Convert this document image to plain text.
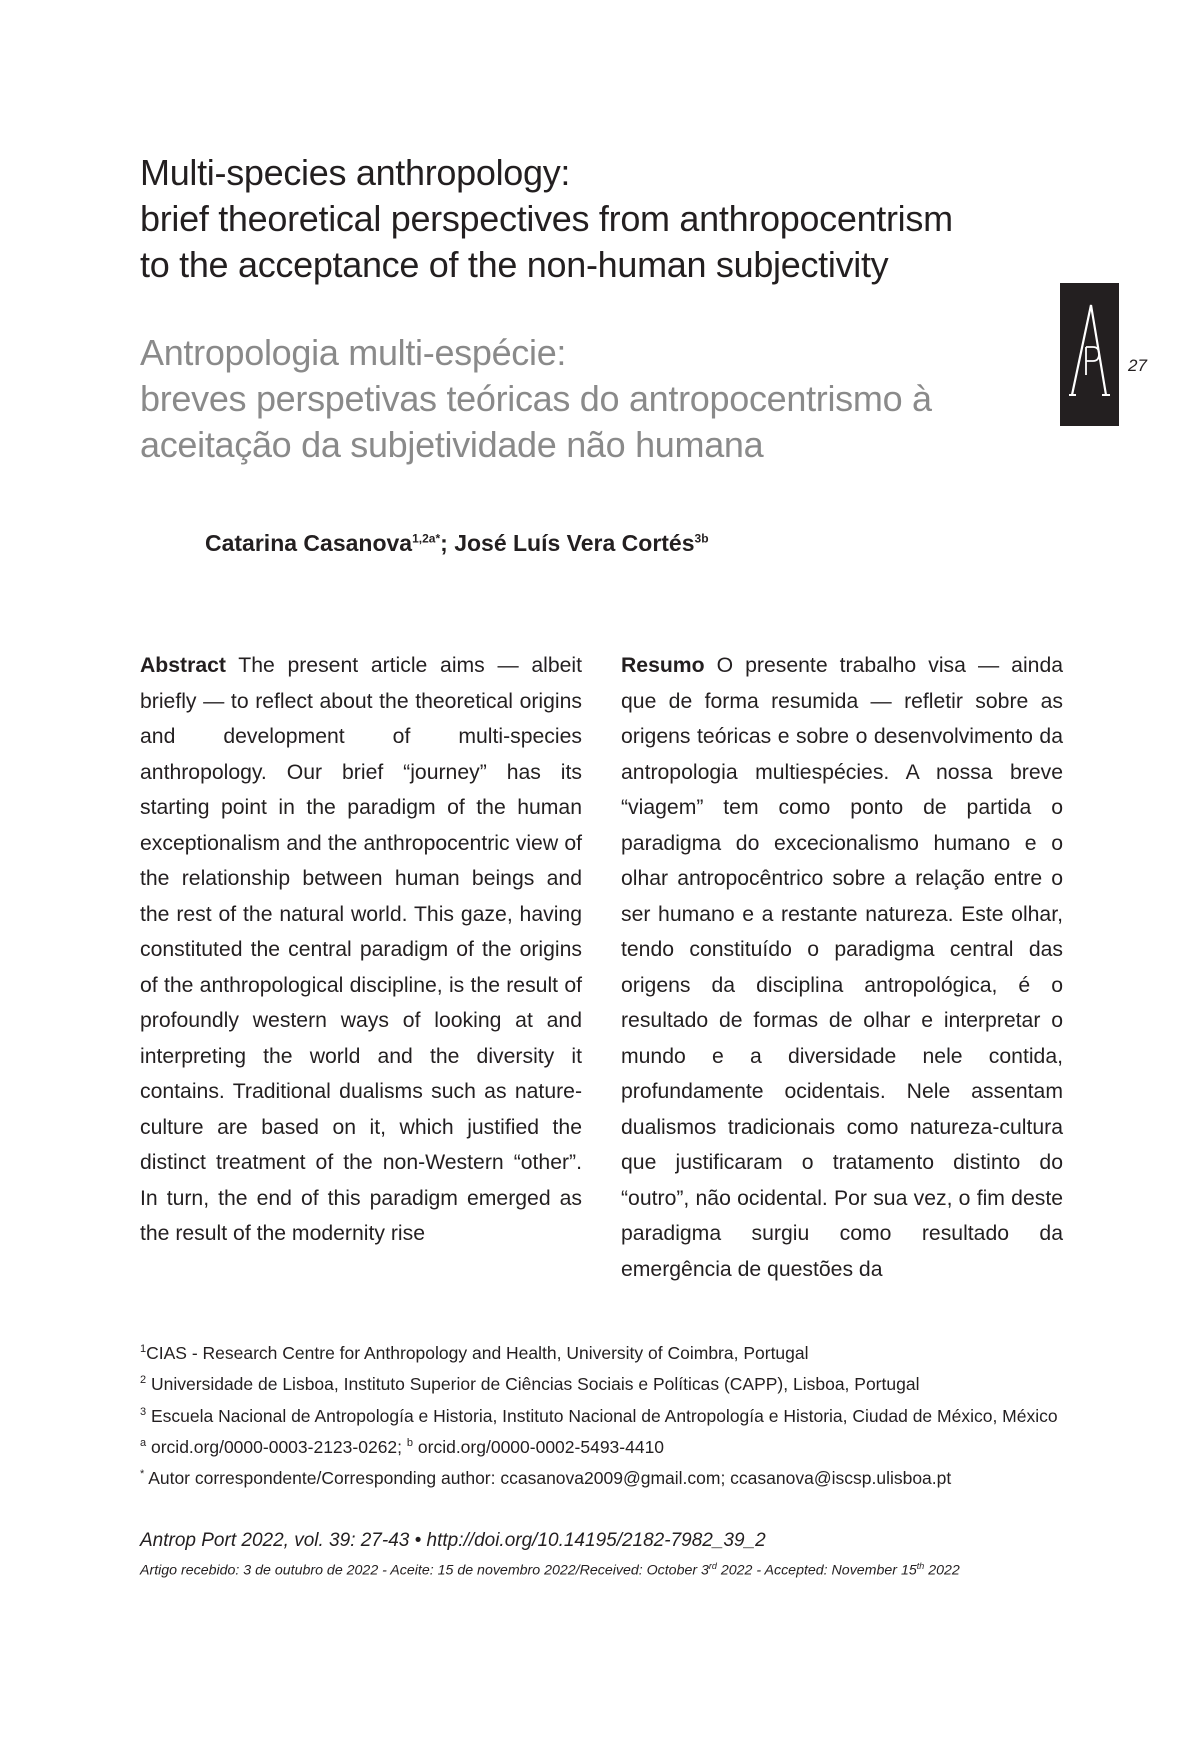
Multi-species anthropology:
brief theoretical perspectives from anthropocentrism
to the acceptance of the non-human subjectivity
Antropologia multi-espécie:
breves perspetivas teóricas do antropocentrismo à
aceitação da subjetividade não humana
27
Catarina Casanova$^{1,2a*}$; José Luís Vera Cortés$^{3b}$

Abstract The present article aims — albeit briefly — to reflect about the theoretical origins and development of multi-species anthropology. Our brief “journey” has its starting point in the paradigm of the human exceptionalism and the anthropocentric view of the relationship between human beings and the rest of the natural world. This gaze, having constituted the central paradigm of the origins of the anthropological discipline, is the result of profoundly western ways of looking at and interpreting the world and the diversity it contains. Traditional dualisms such as nature-culture are based on it, which justified the distinct treatment of the non-Western “other”. In turn, the end of this paradigm emerged as the result of the modernity rise

Resumo O presente trabalho visa — ainda que de forma resumida — refletir sobre as origens teóricas e sobre o desenvolvimento da antropologia multiespécies. A nossa breve “viagem” tem como ponto de partida o paradigma do excecionalismo humano e o olhar antropocêntrico sobre a relação entre o ser humano e a restante natureza. Este olhar, tendo constituído o paradigma central das origens da disciplina antropológica, é o resultado de formas de olhar e interpretar o mundo e a diversidade nele contida, profundamente ocidentais. Nele assentam dualismos tradicionais como natureza-cultura que justificaram o tratamento distinto do “outro”, não ocidental. Por sua vez, o fim deste paradigma surgiu como resultado da emergência de questões da

$^1$CIAS - Research Centre for Anthropology and Health, University of Coimbra, Portugal
$^2$ Universidade de Lisboa, Instituto Superior de Ciências Sociais e Políticas (CAPP), Lisboa, Portugal
$^3$ Escuela Nacional de Antropología e Historia, Instituto Nacional de Antropología e Historia, Ciudad de México, México
$^a$ orcid.org/0000-0003-2123-0262; $^b$ orcid.org/0000-0002-5493-4410
* Autor correspondente/Corresponding author: ccasanova2009@gmail.com; ccasanova@iscsp.ulisboa.pt
Antrop Port 2022, vol. 39: 27-43 • http://doi.org/10.14195/2182-7982_39_2
Artigo recebido: 3 de outubro de 2022 - Aceite: 15 de novembro 2022/Received: October 3rd 2022 - Accepted: November 15th 2022
